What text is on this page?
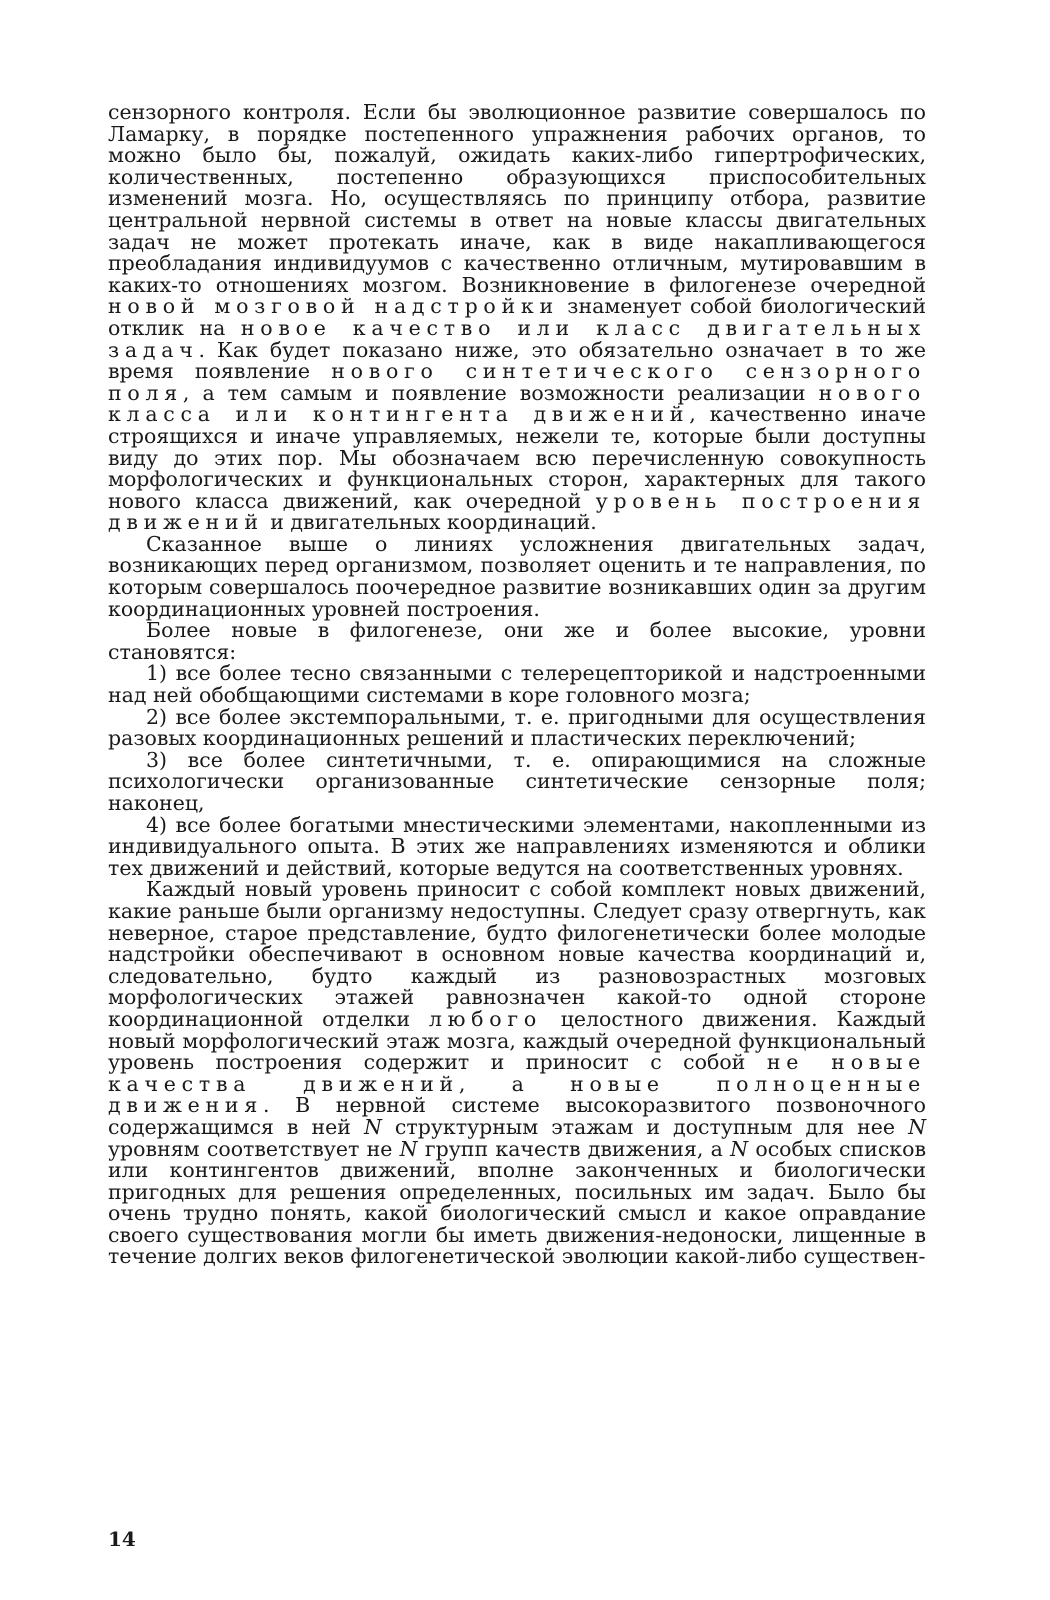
сензорного контроля. Если бы эволюционное развитие совершалось по Ламарку, в порядке постепенного упражнения рабочих органов, то можно было бы, пожалуй, ожидать каких-либо гипертрофических, количественных, постепенно образующихся приспособительных изменений мозга. Но, осуществляясь по принципу отбора, развитие центральной нервной системы в ответ на новые классы двигательных задач не может протекать иначе, как в виде накапливающегося преобладания индивидуумов с качественно отличным, мутировавшим в каких-то отношениях мозгом. Возникновение в филогенезе очередной новой мозговой надстройки знаменует собой биологический отклик на новое качество или класс двигательных задач. Как будет показано ниже, это обязательно означает в то же время появление нового синтетического сензорного поля, а тем самым и появление возможности реализации нового класса или контингента движений, качественно иначе строящихся и иначе управляемых, нежели те, которые были доступны виду до этих пор. Мы обозначаем всю перечисленную совокупность морфологических и функциональных сторон, характерных для такого нового класса движений, как очередной уровень построения движений и двигательных координаций.

Сказанное выше о линиях усложнения двигательных задач, возникающих перед организмом, позволяет оценить и те направления, по которым совершалось поочередное развитие возникавших один за другим координационных уровней построения.

Более новые в филогенезе, они же и более высокие, уровни становятся:

1) все более тесно связанными с телерецепторикой и надстроенными над ней обобщающими системами в коре головного мозга;

2) все более экстемпоральными, т. е. пригодными для осуществления разовых координационных решений и пластических переключений;

3) все более синтетичными, т. е. опирающимися на сложные психологически организованные синтетические сензорные поля; наконец,

4) все более богатыми мнестическими элементами, накопленными из индивидуального опыта. В этих же направлениях изменяются и облики тех движений и действий, которые ведутся на соответственных уровнях.

Каждый новый уровень приносит с собой комплект новых движений, какие раньше были организму недоступны. Следует сразу отвергнуть, как неверное, старое представление, будто филогенетически более молодые надстройки обеспечивают в основном новые качества координаций и, следовательно, будто каждый из разновозрастных мозговых морфологических этажей равнозначен какой-то одной стороне координационной отделки любого целостного движения. Каждый новый морфологический этаж мозга, каждый очередной функциональный уровень построения содержит и приносит с собой не новые качества движений, а новые полноценные движения. В нервной системе высокоразвитого позвоночного содержащимся в ней N структурным этажам и доступным для нее N уровням соответствует не N групп качеств движения, а N особых списков или контингентов движений, вполне законченных и биологически пригодных для решения определенных, посильных им задач. Было бы очень трудно понять, какой биологический смысл и какое оправдание своего существования могли бы иметь движения-недоноски, лищенные в течение долгих веков филогенетической эволюции какой-либо существен-

14
